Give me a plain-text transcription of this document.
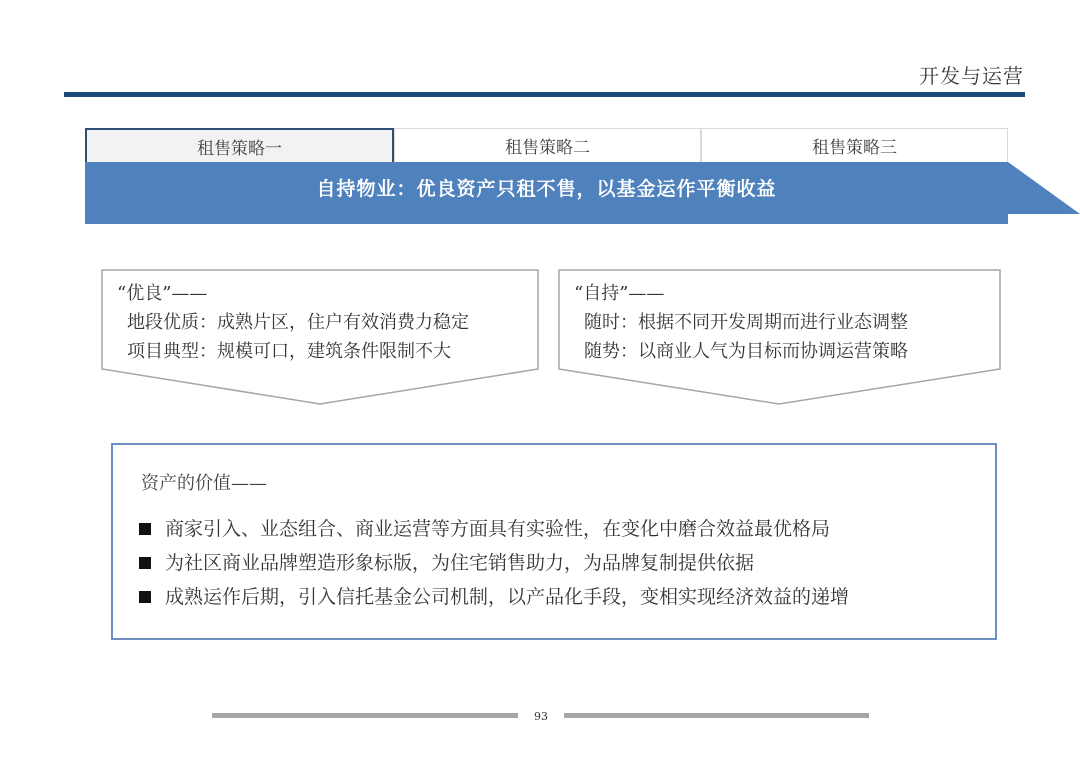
开发与运营
租售策略一	租售策略二	租售策略三
自持物业：优良资产只租不售，以基金运作平衡收益
“优良”——
地段优质：成熟片区，住户有效消费力稳定
项目典型：规模可口，建筑条件限制不大
“自持”——
随时：根据不同开发周期而进行业态调整
随势：以商业人气为目标而协调运营策略
资产的价值——
商家引入、业态组合、商业运营等方面具有实验性，在变化中磨合效益最优格局
为社区商业品牌塑造形象标版，为住宅销售助力，为品牌复制提供依据
成熟运作后期，引入信托基金公司机制，以产品化手段，变相实现经济效益的递增
93
